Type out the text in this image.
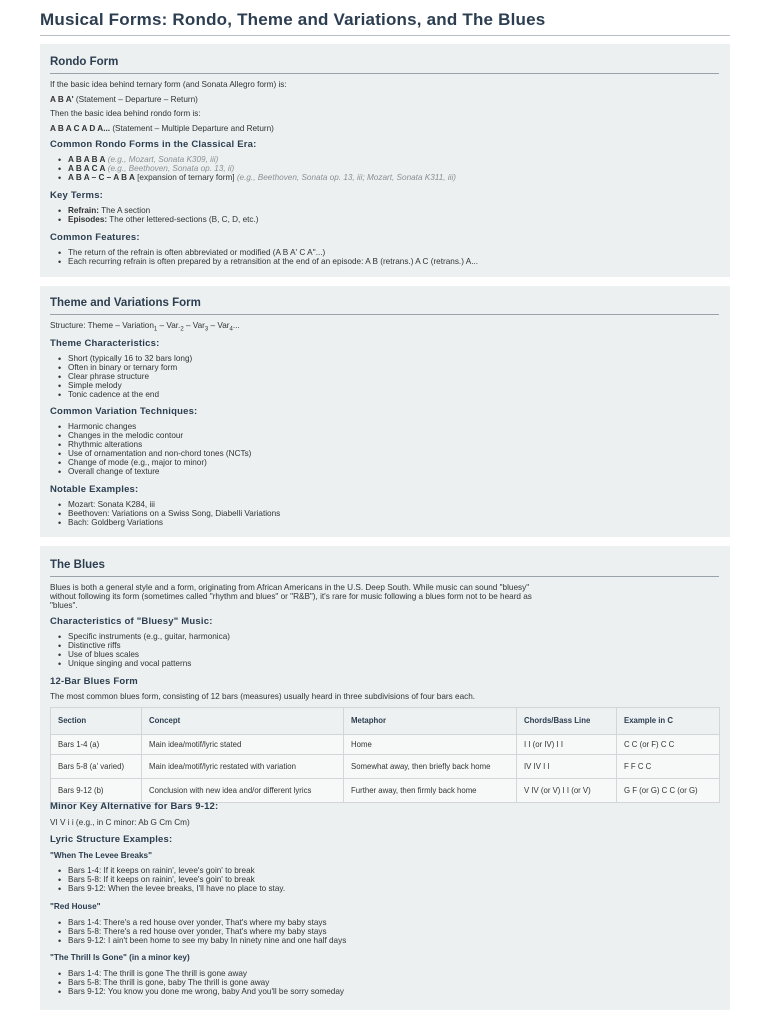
Musical Forms: Rondo, Theme and Variations, and The Blues
Rondo Form

If the basic idea behind ternary form (and Sonata Allegro form) is:

A B A' (Statement – Departure – Return)

Then the basic idea behind rondo form is:

A B A C A D A... (Statement – Multiple Departure and Return)

Common Rondo Forms in the Classical Era:
• A B A B A (e.g., Mozart, Sonata K309, iii)
• A B A C A (e.g., Beethoven, Sonata op. 13, ii)
• A B A – C – A B A [expansion of ternary form] (e.g., Beethoven, Sonata op. 13, iii; Mozart, Sonata K311, iii)
Key Terms:
• Refrain: The A section
• Episodes: The other lettered-sections (B, C, D, etc.)
Common Features:
• The return of the refrain is often abbreviated or modified (A B A' C A''...)
• Each recurring refrain is often prepared by a retransition at the end of an episode: A B (retrans.) A C (retrans.) A...
Theme and Variations Form

Structure: Theme – Variation$_1$ – $Var._2 - Var_3 - Var_4$...

Theme Characteristics:
• Short (typically 16 to 32 bars long)
• Often in binary or ternary form
• Clear phrase structure
• Simple melody
• Tonic cadence at the end
Common Variation Techniques:
• Harmonic changes
• Changes in the melodic contour
• Rhythmic alterations
• Use of ornamentation and non-chord tones (NCTs)
• Change of mode (e.g., major to minor)
• Overall change of texture
Notable Examples:
• Mozart: Sonata K284, iii
• Beethoven: Variations on a Swiss Song, Diabelli Variations
• Bach: Goldberg Variations
The Blues

Blues is both a general style and a form, originating from African Americans in the U.S. Deep South. While music can sound "bluesy"

without following its form (sometimes called "rhythm and blues" or "R&B"), it's rare for music following a blues form not to be heard as

"blues".

Characteristics of "Bluesy" Music:
• Specific instruments (e.g., guitar, harmonica)
• Distinctive riffs
• Use of blues scales
• Unique singing and vocal patterns
12-Bar Blues Form

The most common blues form, consisting of 12 bars (measures) usually heard in three subdivisions of four bars each.

Section	Concept	Metaphor	Chords/Bass Line	Example in C
Bars 1-4 (a)	Main idea/motif/lyric stated	Home	I I (or IV) I I	C C (or F) C C
Bars 5-8 (a' varied)	Main idea/motif/lyric restated with variation	Somewhat away, then briefly back home	IV IV I I	F F C C
Bars 9-12 (b)	Conclusion with new idea and/or different lyrics	Further away, then firmly back home	V IV (or V) I I (or V)	G F (or G) C C (or G)
Minor Key Alternative for Bars 9-12:

VI V i i (e.g., in C minor: Ab G Cm Cm)

Lyric Structure Examples:
"When The Levee Breaks"
• Bars 1-4: If it keeps on rainin', levee's goin' to break
• Bars 5-8: If it keeps on rainin', levee's goin' to break
• Bars 9-12: When the levee breaks, I'll have no place to stay.
"Red House"
• Bars 1-4: There's a red house over yonder, That's where my baby stays
• Bars 5-8: There's a red house over yonder, That's where my baby stays
• Bars 9-12: I ain't been home to see my baby In ninety nine and one half days
"The Thrill Is Gone" (in a minor key)
• Bars 1-4: The thrill is gone The thrill is gone away
• Bars 5-8: The thrill is gone, baby The thrill is gone away
• Bars 9-12: You know you done me wrong, baby And you'll be sorry someday
